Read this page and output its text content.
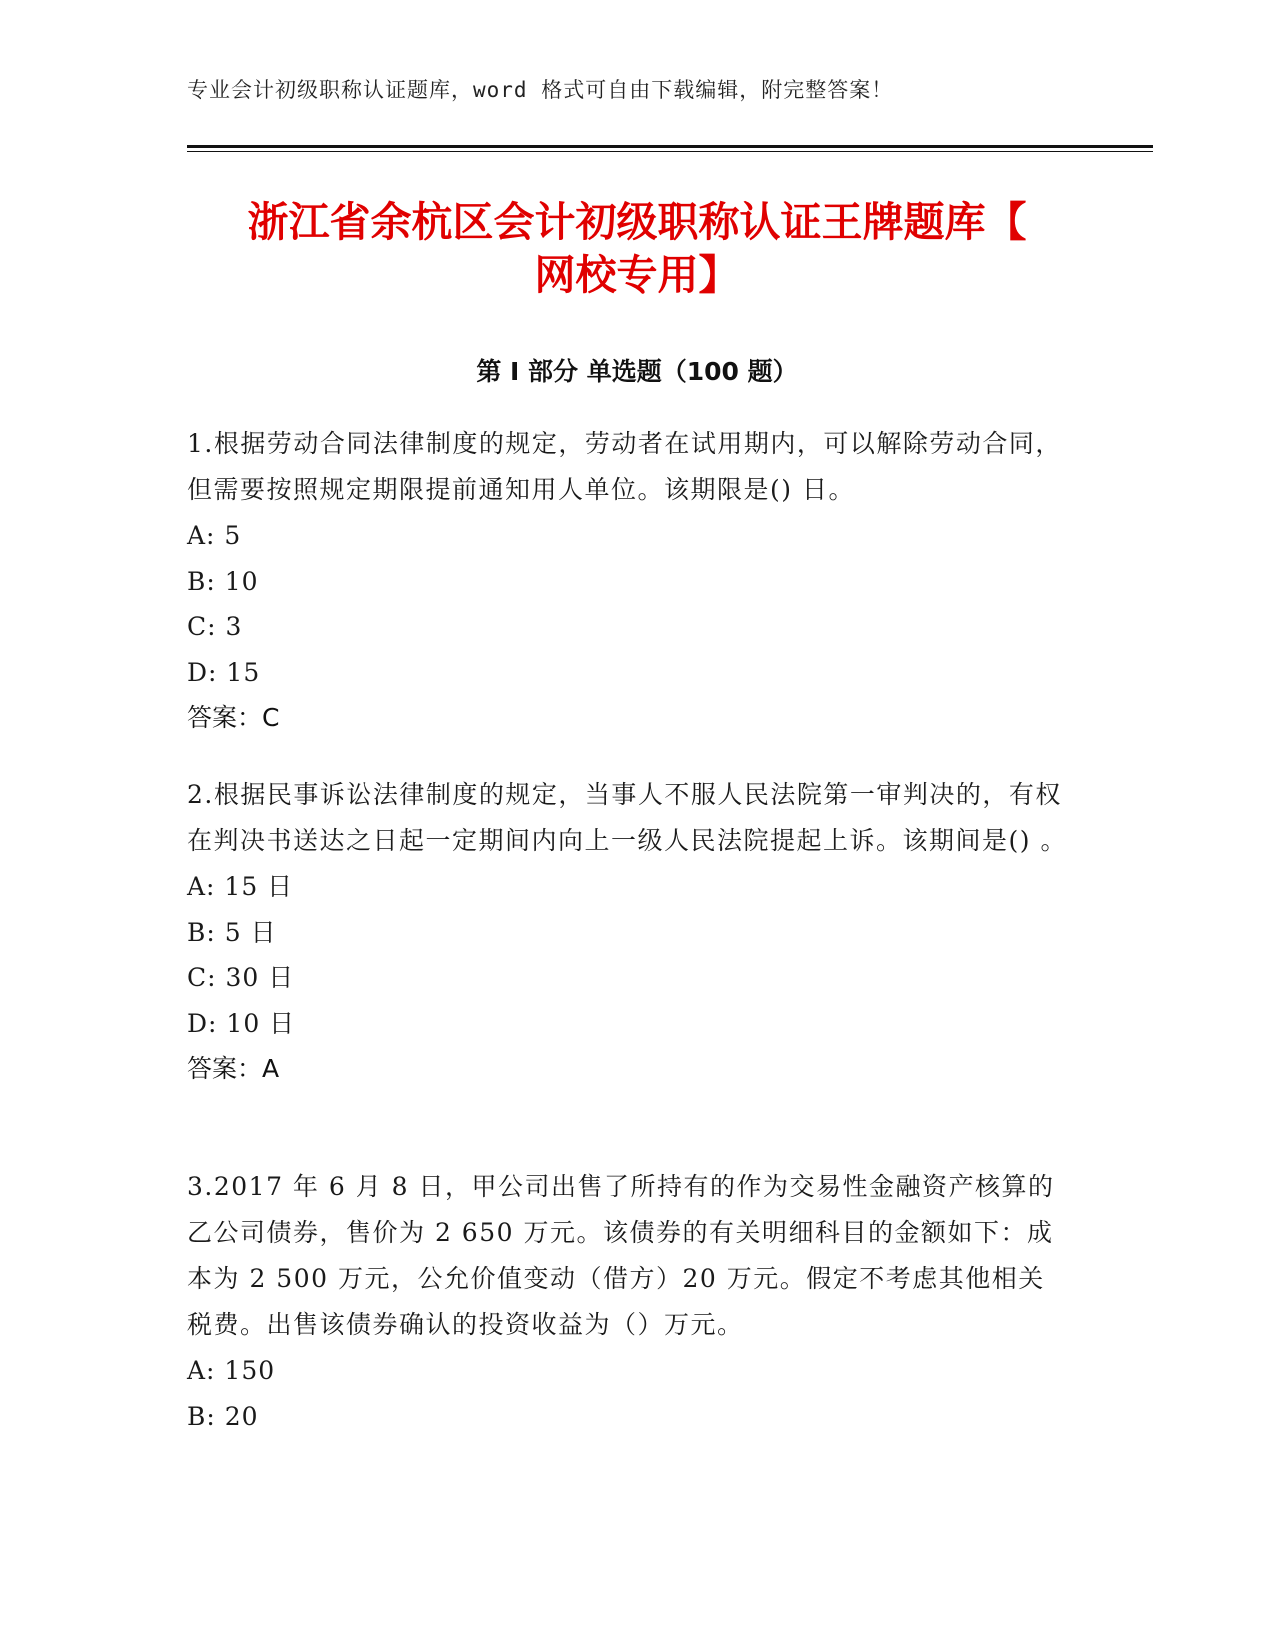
专业会计初级职称认证题库，word 格式可自由下载编辑，附完整答案！
浙江省余杭区会计初级职称认证王牌题库【
网校专用】
第 I 部分 单选题（100 题）

1.根据劳动合同法律制度的规定，劳动者在试用期内，可以解除劳动合同，但需要按照规定期限提前通知用人单位。该期限是() 日。

A: 5

B: 10

C: 3

D: 15

答案：C

2.根据民事诉讼法律制度的规定，当事人不服人民法院第一审判决的，有权在判决书送达之日起一定期间内向上一级人民法院提起上诉。该期间是() 。

A: 15 日

B: 5 日

C: 30 日

D: 10 日

答案：A

3.2017 年 6 月 8 日，甲公司出售了所持有的作为交易性金融资产核算的乙公司债券，售价为 2 650 万元。该债券的有关明细科目的金额如下：成本为 2 500 万元，公允价值变动（借方）20 万元。假定不考虑其他相关税费。出售该债券确认的投资收益为（）万元。

A: 150

B: 20
